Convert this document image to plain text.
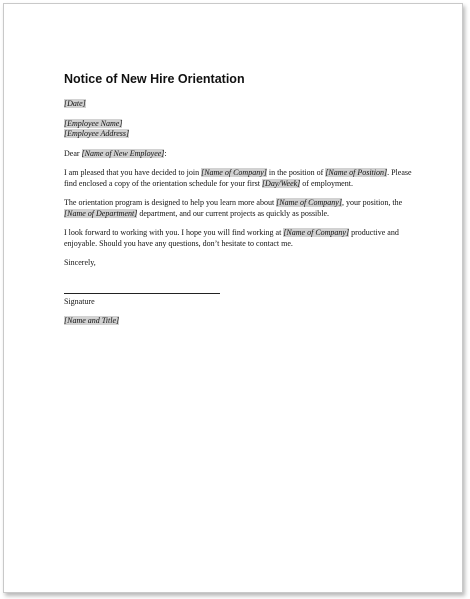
Notice of New Hire Orientation

[Date]

[Employee Name]

[Employee Address]

Dear [Name of New Employee]:

I am pleased that you have decided to join [Name of Company] in the position of [Name of Position]. Please find enclosed a copy of the orientation schedule for your first [Day/Week] of employment.

The orientation program is designed to help you learn more about [Name of Company], your position, the [Name of Department] department, and our current projects as quickly as possible.

I look forward to working with you. I hope you will find working at [Name of Company] productive and enjoyable. Should you have any questions, don’t hesitate to contact me.

Sincerely,

Signature

[Name and Title]
